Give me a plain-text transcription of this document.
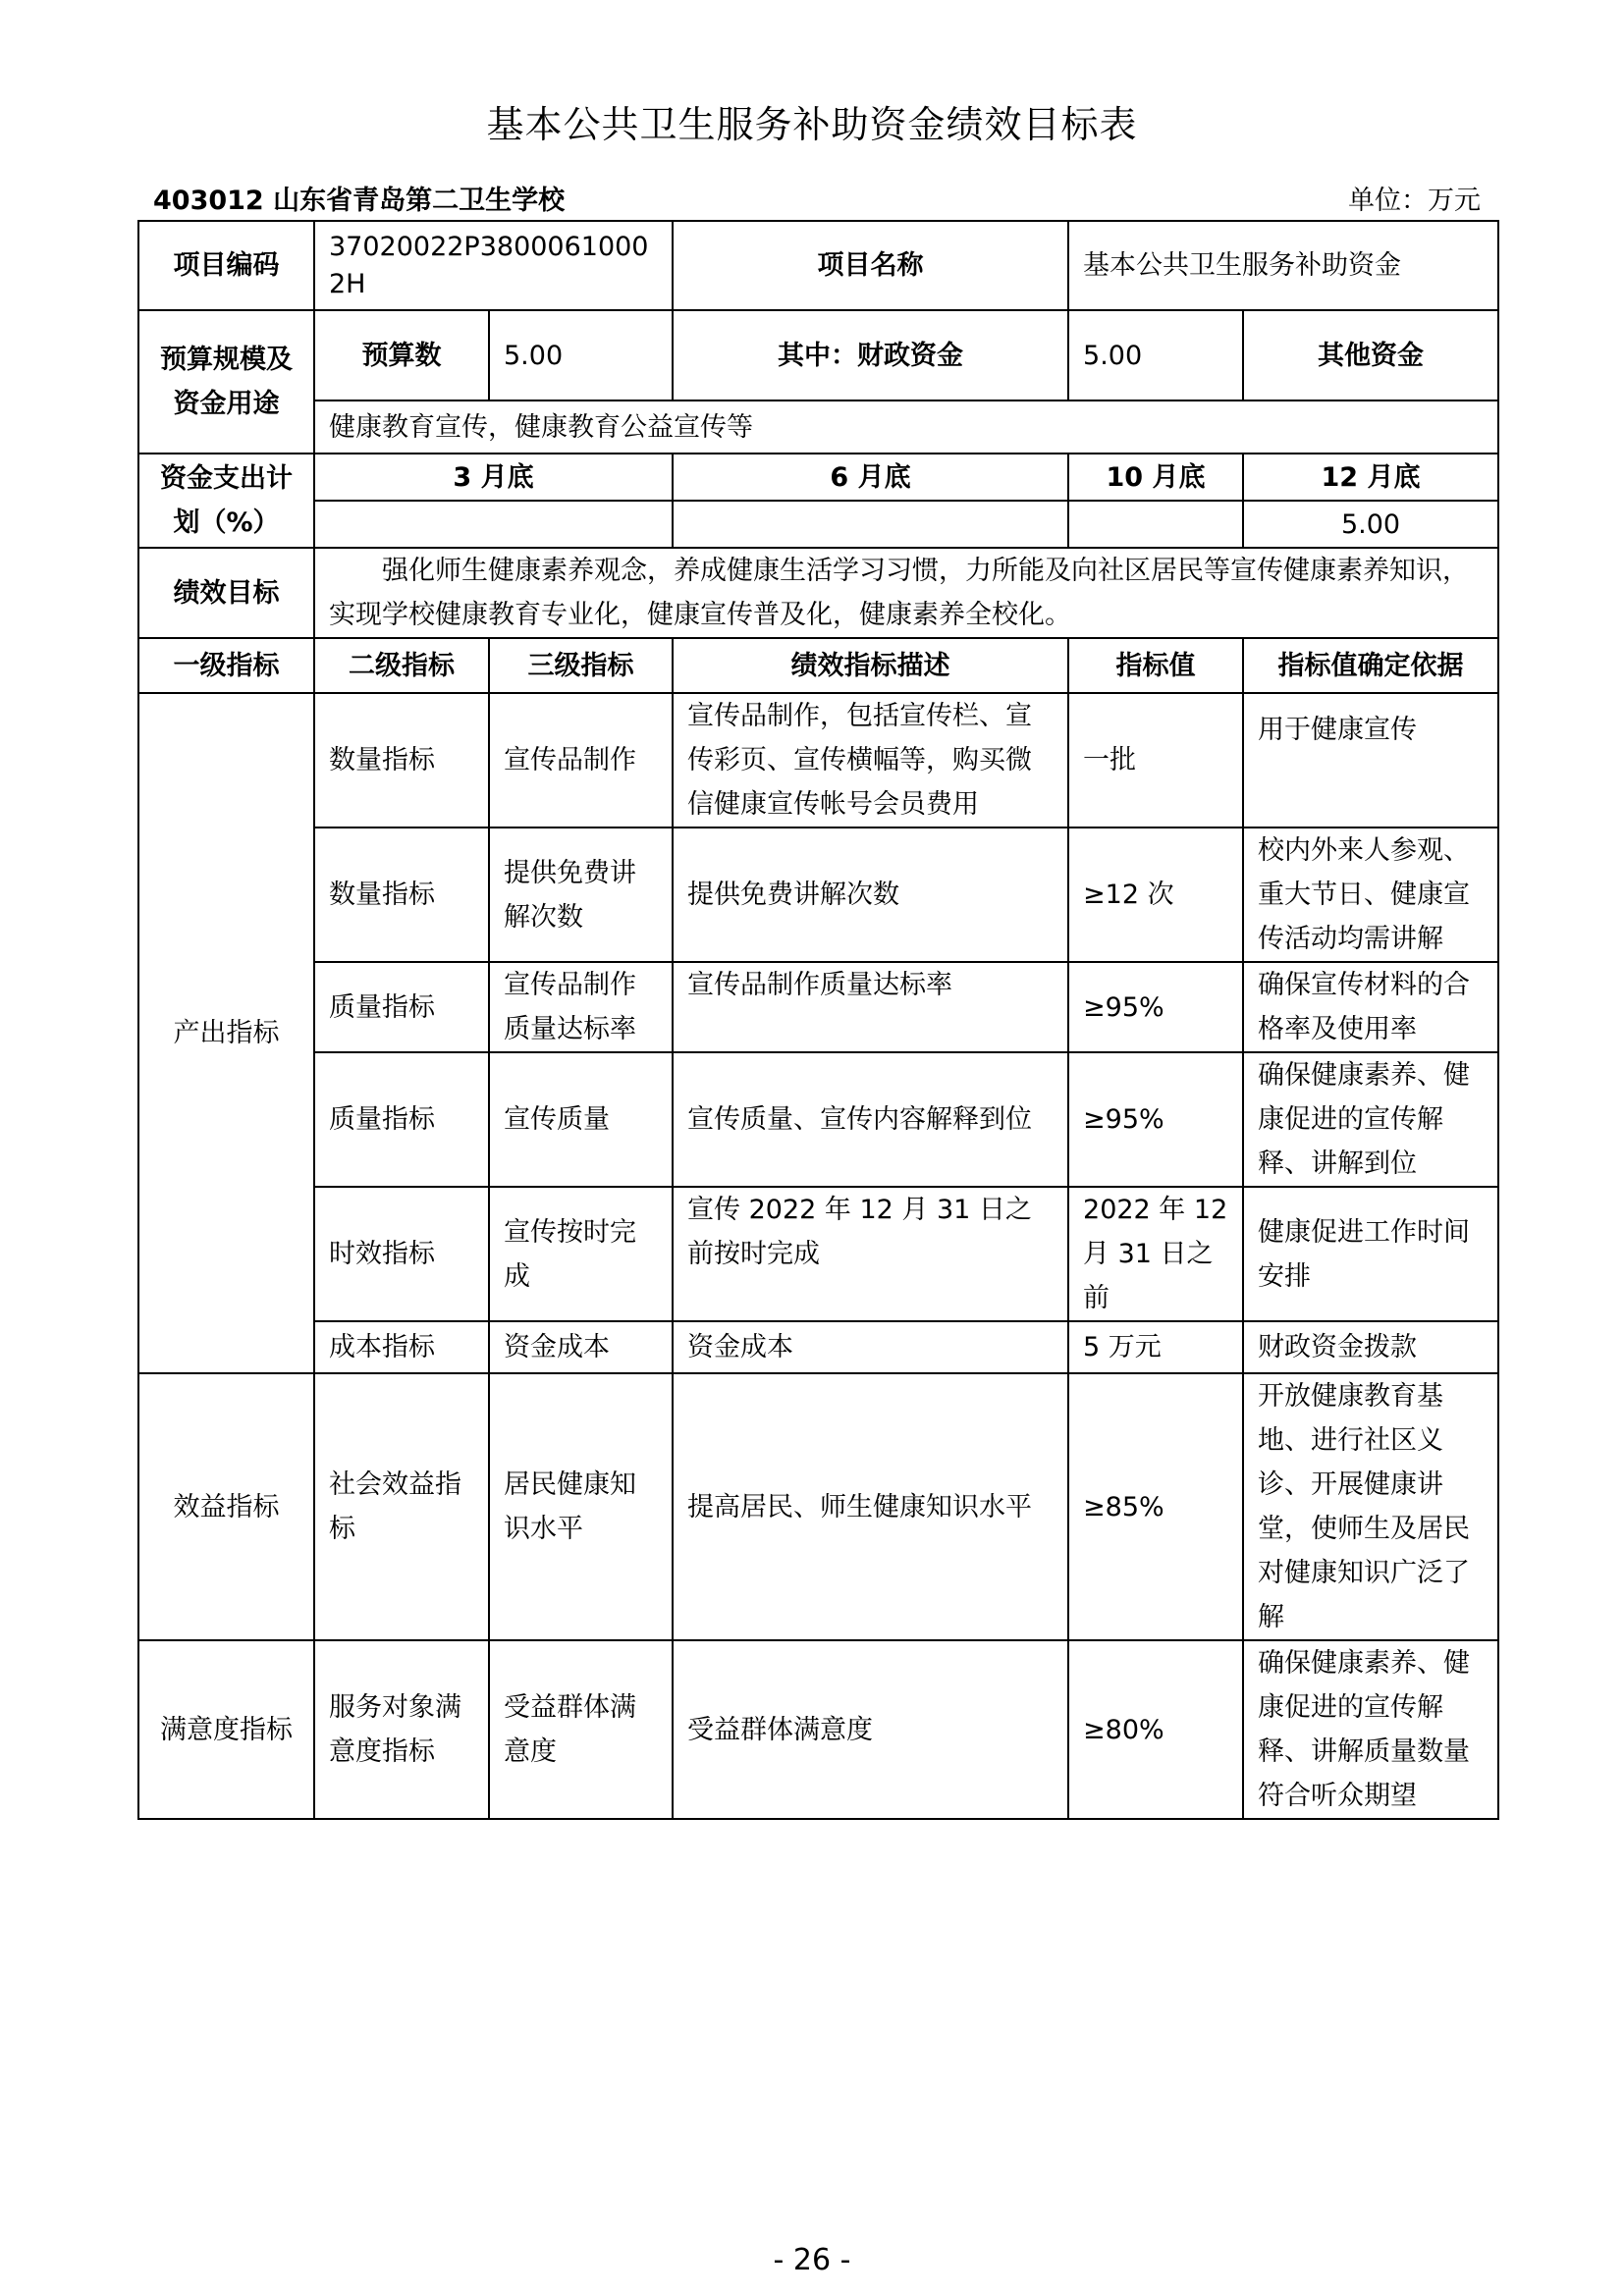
基本公共卫生服务补助资金绩效目标表
403012 山东省青岛第二卫生学校	单位：万元
项目编码	37020022P38000610002H		项目名称	基本公共卫生服务补助资金	
预算规模及资金用途	预算数	5.00	其中：财政资金	5.00	其他资金
	健康教育宣传，健康教育公益宣传等				
资金支出计划（%）	3 月底		6 月底	10 月底	12 月底
					5.00
绩效目标	强化师生健康素养观念，养成健康生活学习习惯，力所能及向社区居民等宣传健康素养知识，实现学校健康教育专业化，健康宣传普及化，健康素养全校化。				
一级指标	二级指标	三级指标	绩效指标描述	指标值	指标值确定依据
产出指标	数量指标	宣传品制作	宣传品制作，包括宣传栏、宣传彩页、宣传横幅等，购买微信健康宣传帐号会员费用	一批	用于健康宣传
	数量指标	提供免费讲解次数	提供免费讲解次数	≥12 次	校内外来人参观、重大节日、健康宣传活动均需讲解
	质量指标	宣传品制作质量达标率	宣传品制作质量达标率	≥95%	确保宣传材料的合格率及使用率
	质量指标	宣传质量	宣传质量、宣传内容解释到位	≥95%	确保健康素养、健康促进的宣传解释、讲解到位
	时效指标	宣传按时完成	宣传 2022 年 12 月 31 日之前按时完成	2022 年 12 月 31 日之前	健康促进工作时间安排
	成本指标	资金成本	资金成本	5 万元	财政资金拨款
效益指标	社会效益指标	居民健康知识水平	提高居民、师生健康知识水平	≥85%	开放健康教育基地、进行社区义诊、开展健康讲堂，使师生及居民对健康知识广泛了解
满意度指标	服务对象满意度指标	受益群体满意度	受益群体满意度	≥80%	确保健康素养、健康促进的宣传解释、讲解质量数量符合听众期望
- 26 -
